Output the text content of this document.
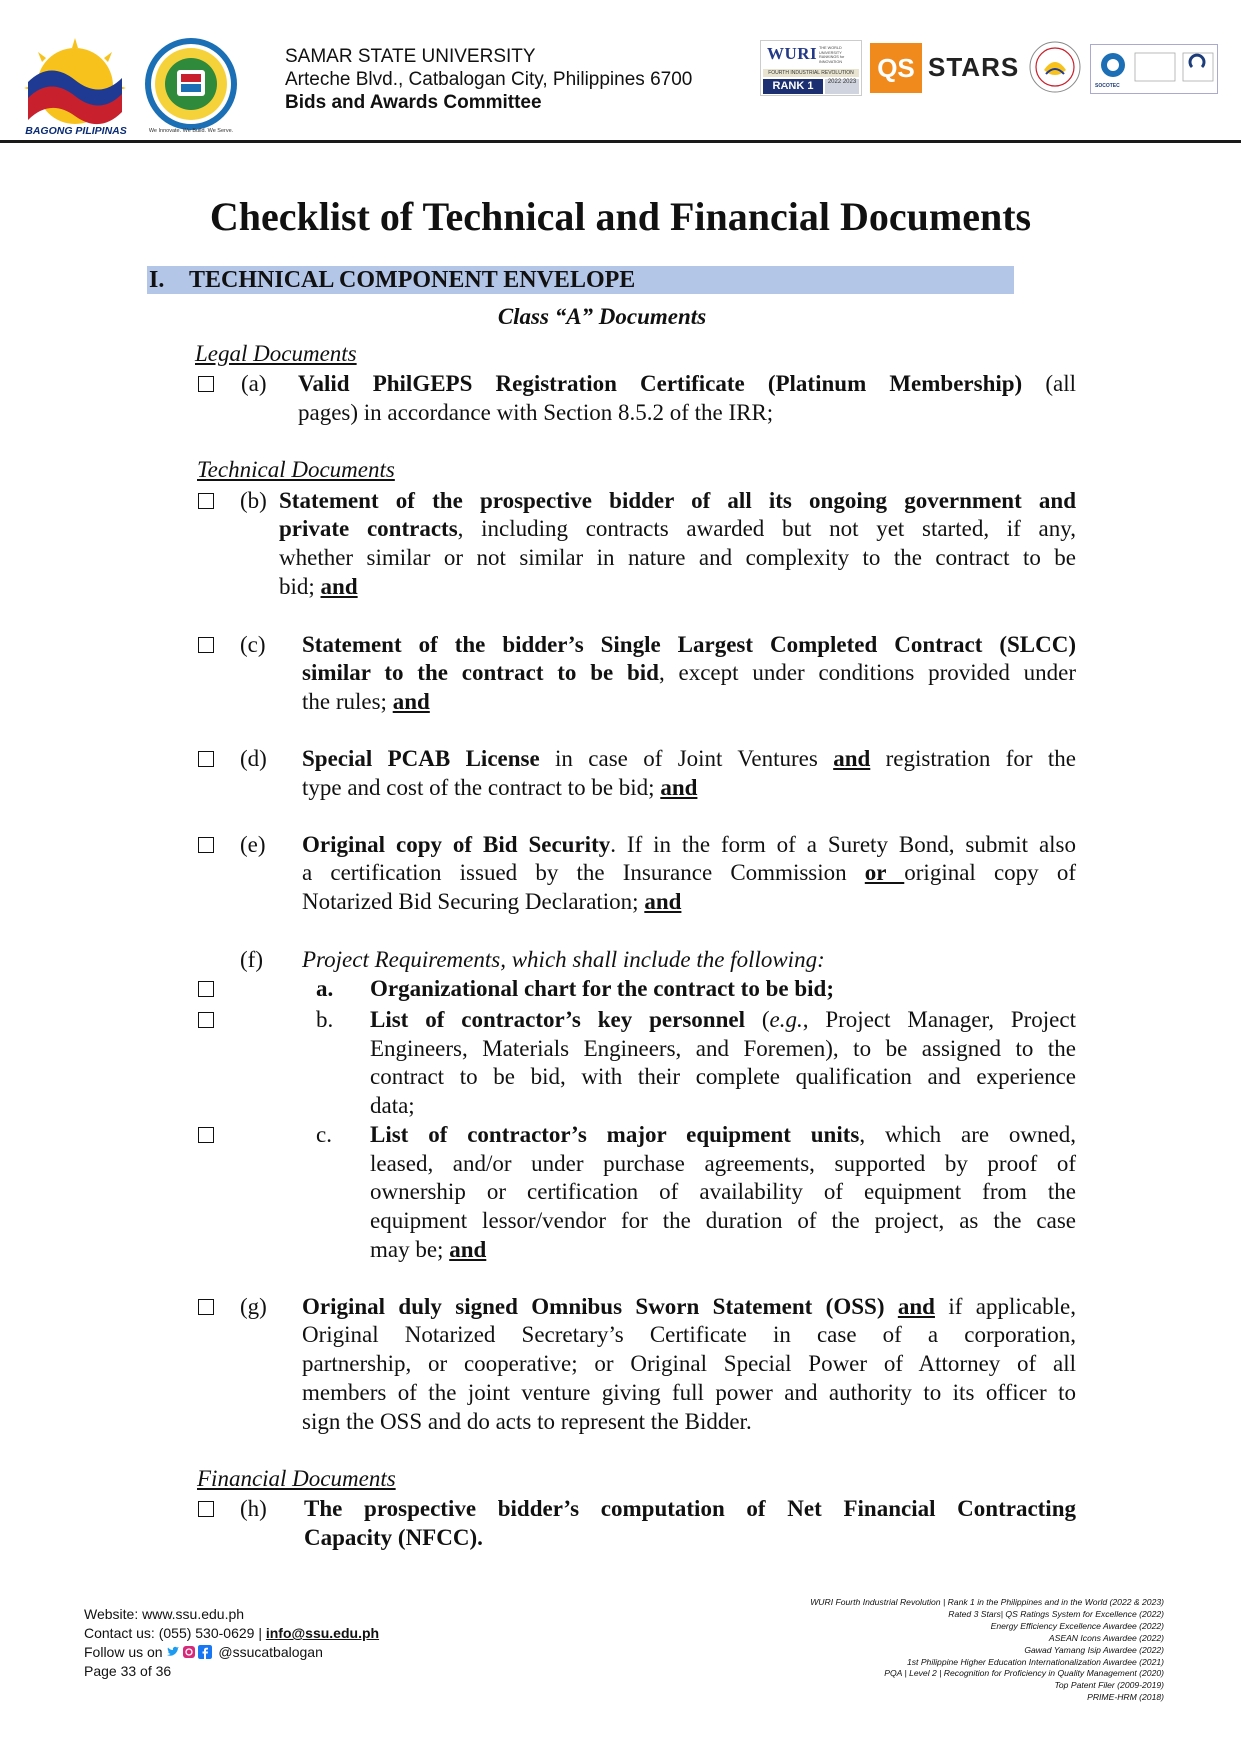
BAGONG PILIPINAS	We Innovate. We Build. We Serve.
SAMAR STATE UNIVERSITY
Arteche Blvd., Catbalogan City, Philippines 6700
Bids and Awards Committee
WURI THE WORLD UNIVERSITY RANKINGS for INNOVATION
FOURTH INDUSTRIAL REVOLUTION
RANK 1	2022 2023 QS STARS
SOCOTEC
Checklist of Technical and Financial Documents
I. TECHNICAL COMPONENT ENVELOPE
Class “A” Documents
Legal Documents
(a) Valid PhilGEPS Registration Certificate (Platinum Membership) (all
pages) in accordance with Section 8.5.2 of the IRR;
Technical Documents
(b) Statement of the prospective bidder of all its ongoing government and
private contracts, including contracts awarded but not yet started, if any,
whether similar or not similar in nature and complexity to the contract to be
bid; and
(c) Statement of the bidder’s Single Largest Completed Contract (SLCC)
similar to the contract to be bid, except under conditions provided under
the rules; and
(d) Special PCAB License in case of Joint Ventures and registration for the
type and cost of the contract to be bid; and
(e) Original copy of Bid Security. If in the form of a Surety Bond, submit also
a certification issued by the Insurance Commission or original copy of
Notarized Bid Securing Declaration; and
(f) Project Requirements, which shall include the following:
a. Organizational chart for the contract to be bid;
b. List of contractor’s key personnel (e.g., Project Manager, Project
Engineers, Materials Engineers, and Foremen), to be assigned to the
contract to be bid, with their complete qualification and experience
data;
c. List of contractor’s major equipment units, which are owned,
leased, and/or under purchase agreements, supported by proof of
ownership or certification of availability of equipment from the
equipment lessor/vendor for the duration of the project, as the case
may be; and
(g) Original duly signed Omnibus Sworn Statement (OSS) and if applicable,
Original Notarized Secretary’s Certificate in case of a corporation,
partnership, or cooperative; or Original Special Power of Attorney of all
members of the joint venture giving full power and authority to its officer to
sign the OSS and do acts to represent the Bidder.
Financial Documents
(h) The prospective bidder’s computation of Net Financial Contracting
Capacity (NFCC).
Website: www.ssu.edu.ph
Contact us: (055) 530-0629 | info@ssu.edu.ph
Follow us on	@ssucatbalogan
Page 33 of 36
WURI Fourth Industrial Revolution | Rank 1 in the Philippines and in the World (2022 & 2023)
Rated 3 Stars| QS Ratings System for Excellence (2022)
Energy Efficiency Excellence Awardee (2022)
ASEAN Icons Awardee (2022)
Gawad Yamang Isip Awardee (2022)
1st Philippine Higher Education Internationalization Awardee (2021)
PQA | Level 2 | Recognition for Proficiency in Quality Management (2020)
Top Patent Filer (2009-2019)
PRIME-HRM (2018)
